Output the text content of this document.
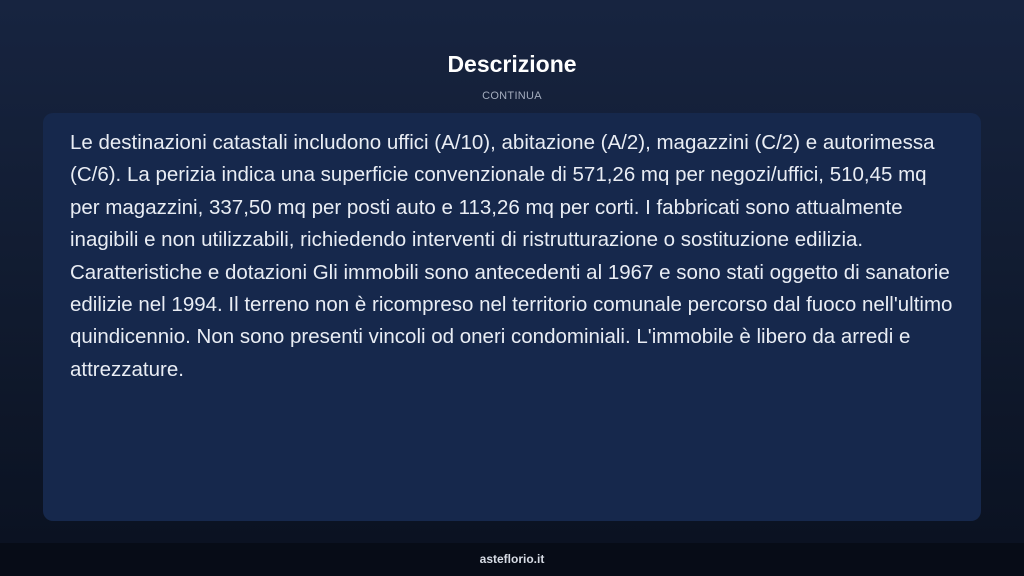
Descrizione
CONTINUA

Le destinazioni catastali includono uffici (A/10), abitazione (A/2), magazzini (C/2) e autorimessa (C/6). La perizia indica una superficie convenzionale di 571,26 mq per negozi/uffici, 510,45 mq per magazzini, 337,50 mq per posti auto e 113,26 mq per corti. I fabbricati sono attualmente inagibili e non utilizzabili, richiedendo interventi di ristrutturazione o sostituzione edilizia. Caratteristiche e dotazioni Gli immobili sono antecedenti al 1967 e sono stati oggetto di sanatorie edilizie nel 1994. Il terreno non è ricompreso nel territorio comunale percorso dal fuoco nell'ultimo quindicennio. Non sono presenti vincoli od oneri condominiali. L'immobile è libero da arredi e attrezzature.

asteflorio.it
